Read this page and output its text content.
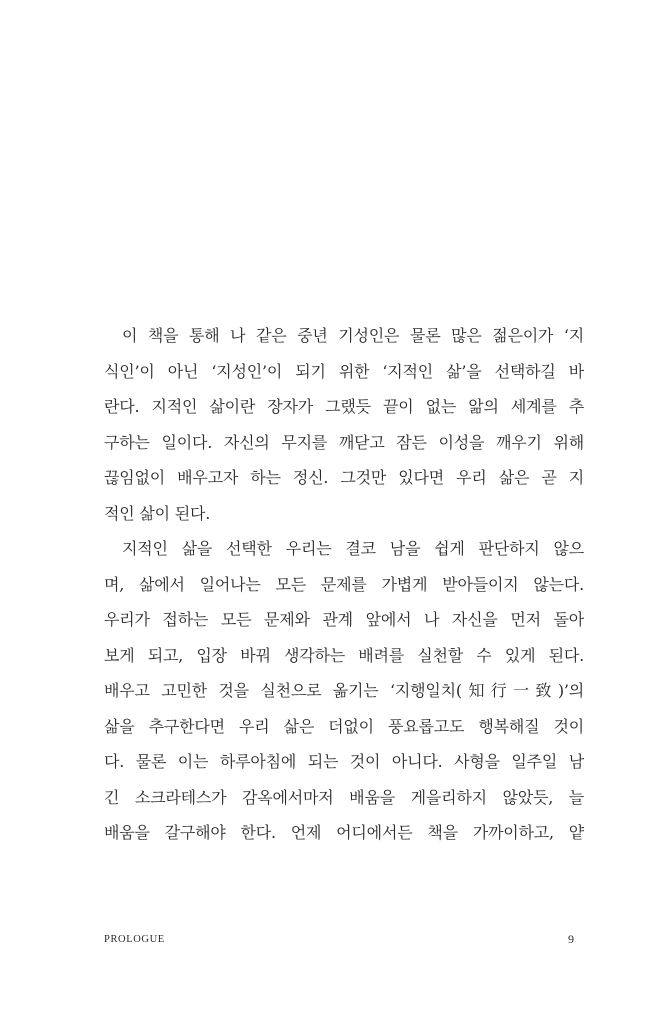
이 책을 통해 나 같은 중년 기성인은 물론 많은 젊은이가 ‘지
식인’이 아닌 ‘지성인’이 되기 위한 ‘지적인 삶’을 선택하길 바
란다. 지적인 삶이란 장자가 그랬듯 끝이 없는 앎의 세계를 추
구하는 일이다. 자신의 무지를 깨닫고 잠든 이성을 깨우기 위해
끊임없이 배우고자 하는 정신. 그것만 있다면 우리 삶은 곧 지
적인 삶이 된다.

지적인 삶을 선택한 우리는 결코 남을 쉽게 판단하지 않으
며, 삶에서 일어나는 모든 문제를 가볍게 받아들이지 않는다.
우리가 접하는 모든 문제와 관계 앞에서 나 자신을 먼저 돌아
보게 되고, 입장 바꿔 생각하는 배려를 실천할 수 있게 된다.
배우고 고민한 것을 실천으로 옮기는 ‘지행일치(知行一致)’의
삶을 추구한다면 우리 삶은 더없이 풍요롭고도 행복해질 것이
다. 물론 이는 하루아침에 되는 것이 아니다. 사형을 일주일 남
긴 소크라테스가 감옥에서마저 배움을 게을리하지 않았듯, 늘
배움을 갈구해야 한다. 언제 어디에서든 책을 가까이하고, 얕

PROLOGUE	9
